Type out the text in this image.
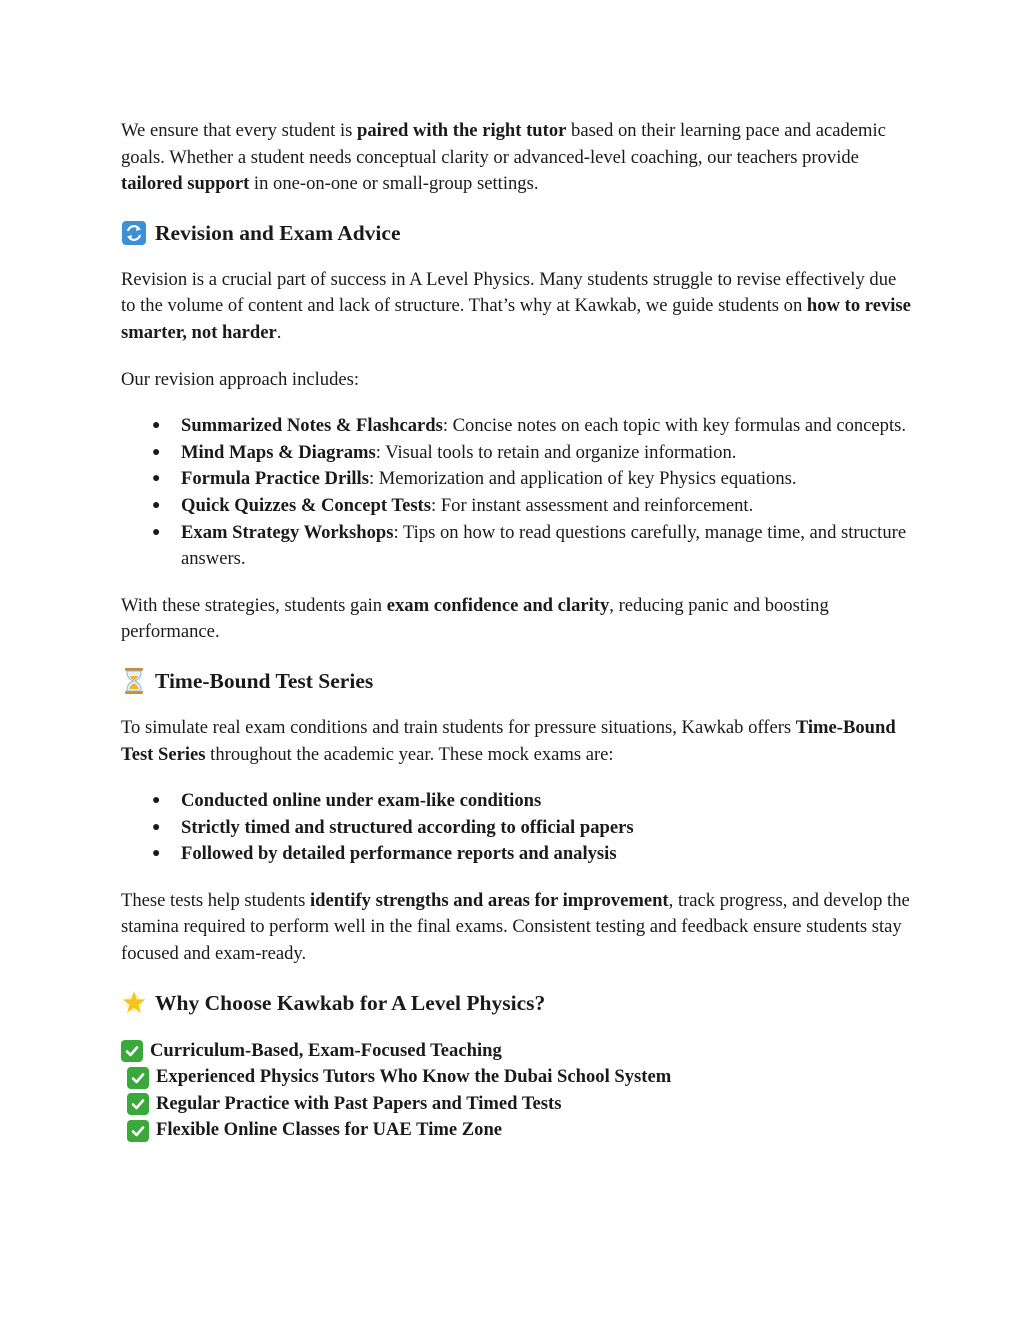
We ensure that every student is paired with the right tutor based on their learning pace and academic goals. Whether a student needs conceptual clarity or advanced-level coaching, our teachers provide tailored support in one-on-one or small-group settings.

Revision and Exam Advice

Revision is a crucial part of success in A Level Physics. Many students struggle to revise effectively due to the volume of content and lack of structure. That’s why at Kawkab, we guide students on how to revise smarter, not harder.

Our revision approach includes:

● Summarized Notes & Flashcards: Concise notes on each topic with key formulas and concepts.
● Mind Maps & Diagrams: Visual tools to retain and organize information.
● Formula Practice Drills: Memorization and application of key Physics equations.
● Quick Quizzes & Concept Tests: For instant assessment and reinforcement.
● Exam Strategy Workshops: Tips on how to read questions carefully, manage time, and structure answers.

With these strategies, students gain exam confidence and clarity, reducing panic and boosting performance.

Time-Bound Test Series

To simulate real exam conditions and train students for pressure situations, Kawkab offers Time-Bound Test Series throughout the academic year. These mock exams are:

● Conducted online under exam-like conditions
● Strictly timed and structured according to official papers
● Followed by detailed performance reports and analysis

These tests help students identify strengths and areas for improvement, track progress, and develop the stamina required to perform well in the final exams. Consistent testing and feedback ensure students stay focused and exam-ready.

Why Choose Kawkab for A Level Physics?
Curriculum-Based, Exam-Focused Teaching
Experienced Physics Tutors Who Know the Dubai School System
Regular Practice with Past Papers and Timed Tests
Flexible Online Classes for UAE Time Zone
